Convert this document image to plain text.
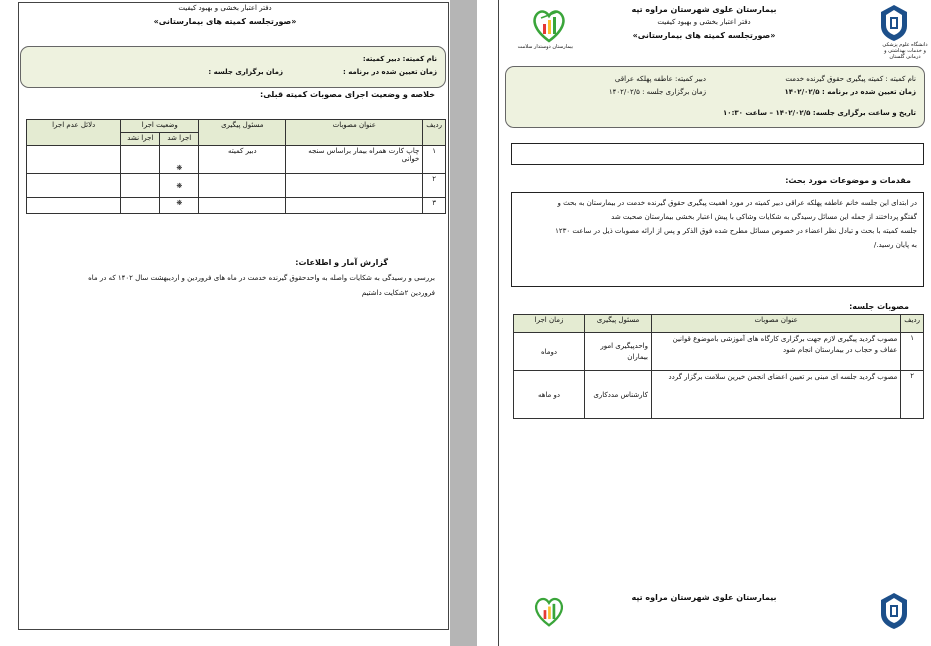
دفتر اعتبار بخشی و بهبود کیفیت
«صورتجلسه کمیته های بیمارستانی»
نام کمیته: دبیر کمیته:
زمان تعیین شده در برنامه :
زمان برگزاری جلسه :
خلاصه و وضعیت اجرای مصوبات کمیته قبلی:
ردیف	عنوان مصوبات	مسئول پیگیری	وضعیت اجرا		دلائل عدم اجرا
			اجرا شد	اجرا نشد	
۱	چاپ کارت همراه بیمار براساس سنجه خوانی	دبیر کمیته	❋		
۲			❋		
۳			❋		
گزارش آمار و اطلاعات:
بررسی و رسیدگی به شکایات واصله به واحدحقوق گیرنده خدمت در ماه های فروردین و اردیبهشت سال ۱۴۰۲ که در ماه
فروردین ۲شکایت داشتیم
دانشگاه علوم پزشکی و خدمات بهداشتی و درمانی گلستان
بیمارستان دوستدار سلامت
بیمارستان علوی شهرستان مراوه تپه
دفتر اعتبار بخشی و بهبود کیفیت
«صورتجلسه کمیته های بیمارستانی»
نام کمیته : کمیته پیگیری حقوق گیرنده خدمت
دبیر کمیته: عاطفه پهلکه عراقی
زمان تعیین شده در برنامه : ۱۴۰۲/۰۲/۵
زمان برگزاری جلسه : ۱۴۰۲/۰۲/۵
تاریخ و ساعت برگزاری جلسه: ۱۴۰۲/۰۲/۵ – ساعت ۱۰:۳۰
مقدمات و موضوعات مورد بحث:
در ابتدای این جلسه خانم عاطفه پهلکه عراقی دبیر کمیته در مورد اهمیت پیگیری حقوق گیرنده خدمت در بیمارستان به بحث و
گفتگو پرداختند از جمله این مسائل رسیدگی به شکایات وشاکی با پیش اعتبار بخشی بیمارستان صحبت شد
جلسه کمیته با بحث و تبادل نظر اعضاء در خصوص مسائل مطرح شده فوق الذکر و پس از ارائه مصوبات ذیل در ساعت ۱۲۳۰
به پایان رسید./
مصوبات جلسه:
ردیف	عنوان مصوبات	مسئول پیگیری	زمان اجرا
۱	مصوب گردید پیگیری لازم جهت برگزاری کارگاه های آموزشی باموضوع قوانین عفاف و حجاب در بیمارستان انجام شود	واحدپیگیری امور بیماران	دوماه
۲	مصوب گردید جلسه ای مبنی بر تعیین اعضای انجمن خیرین سلامت برگزار گردد	کارشناس مددکاری	دو ماهه
بیمارستان علوی شهرستان مراوه تپه
